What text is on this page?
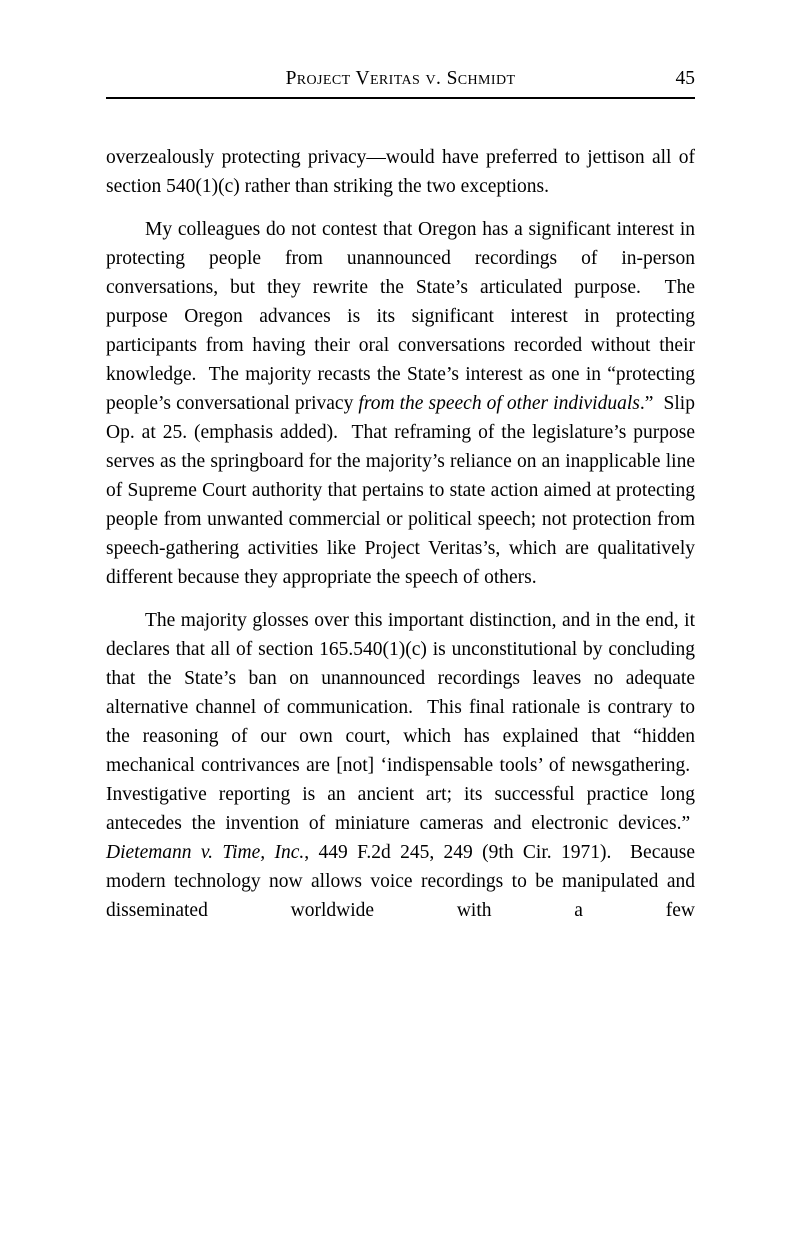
Project Veritas v. Schmidt	45

overzealously protecting privacy—would have preferred to jettison all of section 540(1)(c) rather than striking the two exceptions.

My colleagues do not contest that Oregon has a significant interest in protecting people from unannounced recordings of in-person conversations, but they rewrite the State’s articulated purpose.  The purpose Oregon advances is its significant interest in protecting participants from having their oral conversations recorded without their knowledge.  The majority recasts the State’s interest as one in “protecting people’s conversational privacy from the speech of other individuals.”  Slip Op. at 25. (emphasis added).  That reframing of the legislature’s purpose serves as the springboard for the majority’s reliance on an inapplicable line of Supreme Court authority that pertains to state action aimed at protecting people from unwanted commercial or political speech; not protection from speech-gathering activities like Project Veritas’s, which are qualitatively different because they appropriate the speech of others.

The majority glosses over this important distinction, and in the end, it declares that all of section 165.540(1)(c) is unconstitutional by concluding that the State’s ban on unannounced recordings leaves no adequate alternative channel of communication.  This final rationale is contrary to the reasoning of our own court, which has explained that “hidden mechanical contrivances are [not] ‘indispensable tools’ of newsgathering.  Investigative reporting is an ancient art; its successful practice long antecedes the invention of miniature cameras and electronic devices.”  Dietemann v. Time, Inc., 449 F.2d 245, 249 (9th Cir. 1971).  Because modern technology now allows voice recordings to be manipulated and disseminated worldwide with a few
